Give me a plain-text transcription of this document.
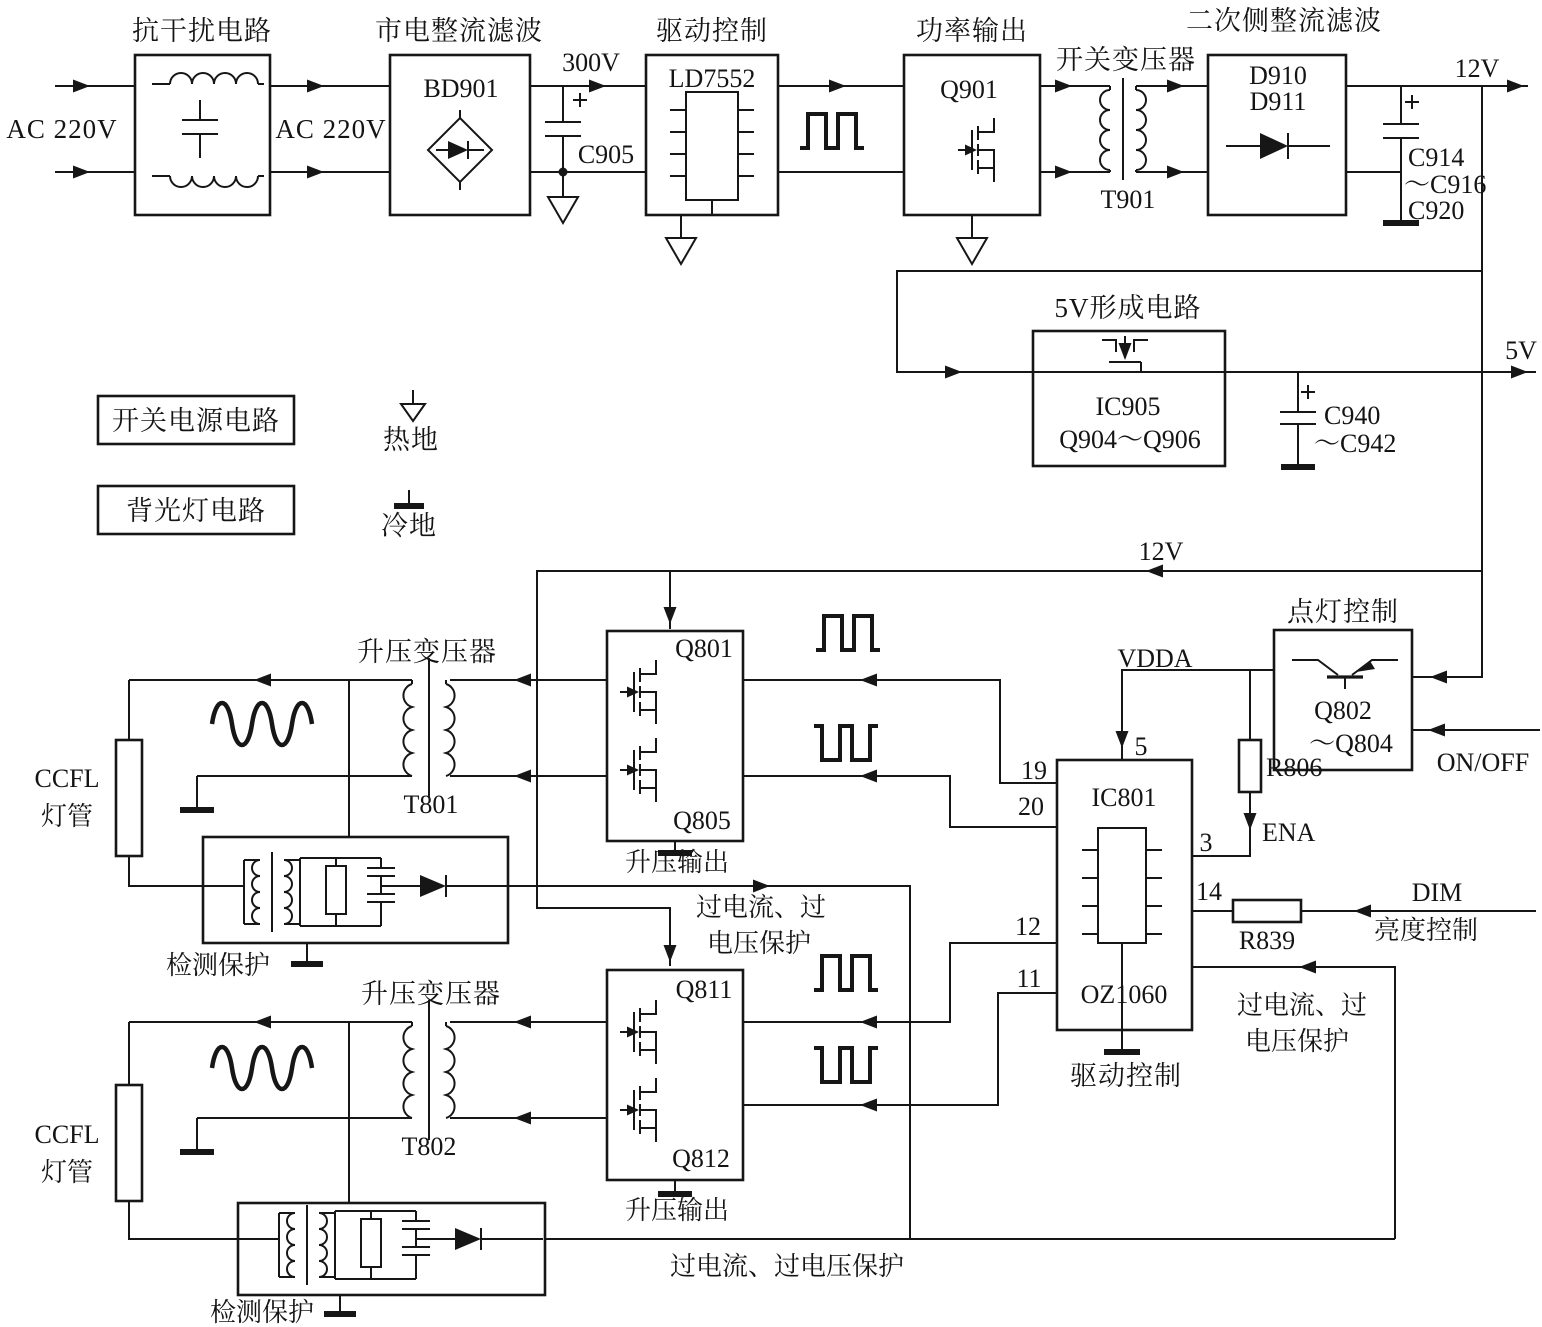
AC 220V
抗干扰电路
AC 220V
市电整流滤波
BD901
300V
C905
驱动控制
LD7552
功率输出
Q901
开关变压器
T901
二次侧整流滤波
D910
D911
12V
C914
～C916
C920
5V形成电路
IC905
Q904～Q906
C940
～C942
5V
开关电源电路
背光灯电路
热地
冷地
12V
点灯控制
Q802
～Q804
ON/OFF
VDDA
5
19
20
12
11
3
14
IC801
OZ1060
R806
ENA
R839
DIM
亮度控制
过电流、过
电压保护
驱动控制
升压变压器
T801
CCFL
灯管
Q801
Q805
检测保护
升压输出
过电流、过
电压保护
升压变压器
T802
CCFL
灯管
Q811
Q812
检测保护
升压输出
过电流、过电压保护
